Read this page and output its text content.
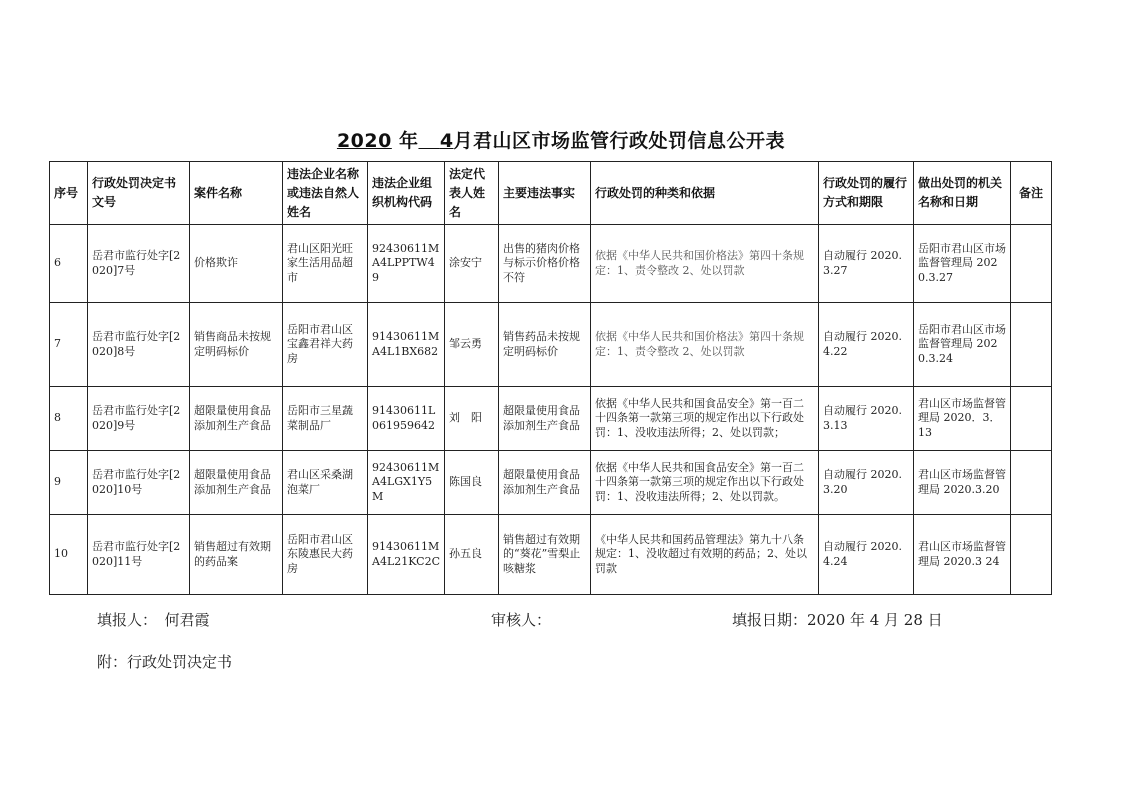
2020 年 4月君山区市场监管行政处罚信息公开表
序号	行政处罚决定书文号	案件名称	违法企业名称或违法自然人姓名	违法企业组织机构代码	法定代表人姓名	主要违法事实	行政处罚的种类和依据	行政处罚的履行方式和期限	做出处罚的机关名称和日期	备注
6	岳君市监行处字[2020]7号	价格欺诈	君山区阳光旺家生活用品超市	92430611MA4LPPTW49	涂安宁	出售的猪肉价格与标示价格价格不符	依据《中华人民共和国价格法》第四十条规定：1、责令整改 2、处以罚款	自动履行 2020.3.27	岳阳市君山区市场监督管理局 2020.3.27	
7	岳君市监行处字[2020]8号	销售商品未按规定明码标价	岳阳市君山区宝鑫君祥大药房	91430611MA4L1BX682	邹云勇	销售药品未按规定明码标价	依据《中华人民共和国价格法》第四十条规定：1、责令整改 2、处以罚款	自动履行 2020.4.22	岳阳市君山区市场监督管理局 2020.3.24	
8	岳君市监行处字[2020]9号	超限量使用食品添加剂生产食品	岳阳市三星蔬菜制品厂	91430611L061959642	刘　阳	超限量使用食品添加剂生产食品	依据《中华人民共和国食品安全》第一百二十四条第一款第三项的规定作出以下行政处罚：1、没收违法所得；2、处以罚款；	自动履行 2020.3.13	君山区市场监督管理局 2020．3．13	
9	岳君市监行处字[2020]10号	超限量使用食品添加剂生产食品	君山区采桑湖泡菜厂	92430611MA4LGX1Y5M	陈国良	超限量使用食品添加剂生产食品	依据《中华人民共和国食品安全》第一百二十四条第一款第三项的规定作出以下行政处罚：1、没收违法所得；2、处以罚款。	自动履行 2020.3.20	君山区市场监督管理局 2020.3.20	
10	岳君市监行处字[2020]11号	销售超过有效期的药品案	岳阳市君山区东陵惠民大药房	91430611MA4L21KC2C	孙五良	销售超过有效期的“葵花”雪梨止咳糖浆	《中华人民共和国药品管理法》第九十八条规定：1、没收超过有效期的药品；2、处以罚款	自动履行 2020.4.24	君山区市场监督管理局 2020.3 24	
填报人：　何君霞	审核人：	填报日期：2020 年 4 月 28 日
附：行政处罚决定书
